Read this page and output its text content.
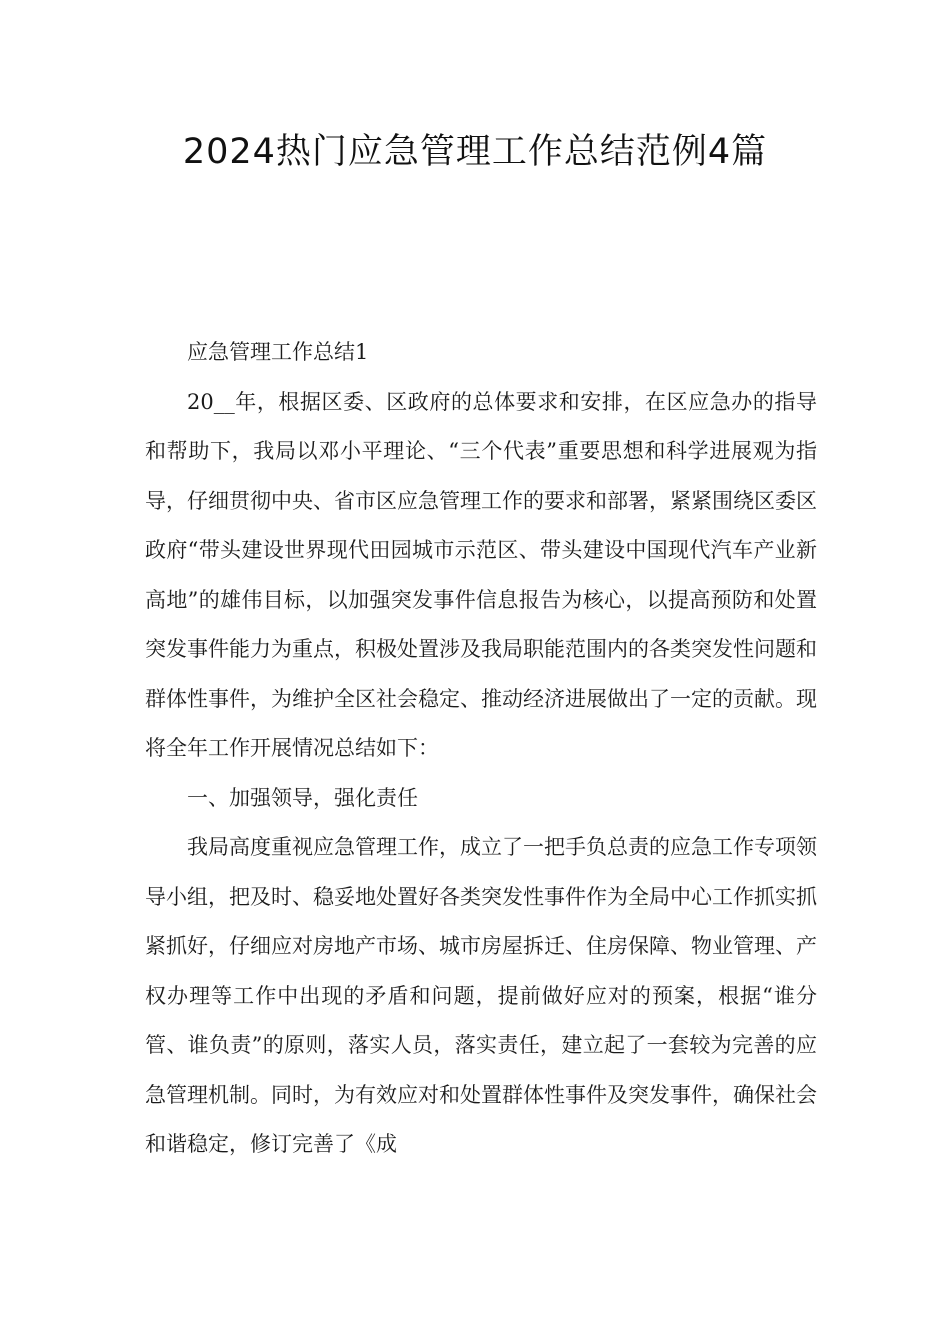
2024热门应急管理工作总结范例4篇

应急管理工作总结1

20__年，根据区委、区政府的总体要求和安排，在区应急办的指导和帮助下，我局以邓小平理论、“三个代表”重要思想和科学进展观为指导，仔细贯彻中央、省市区应急管理工作的要求和部署，紧紧围绕区委区政府“带头建设世界现代田园城市示范区、带头建设中国现代汽车产业新高地”的雄伟目标，以加强突发事件信息报告为核心，以提高预防和处置突发事件能力为重点，积极处置涉及我局职能范围内的各类突发性问题和群体性事件，为维护全区社会稳定、推动经济进展做出了一定的贡献。现将全年工作开展情况总结如下：

一、加强领导，强化责任

我局高度重视应急管理工作，成立了一把手负总责的应急工作专项领导小组，把及时、稳妥地处置好各类突发性事件作为全局中心工作抓实抓紧抓好，仔细应对房地产市场、城市房屋拆迁、住房保障、物业管理、产权办理等工作中出现的矛盾和问题，提前做好应对的预案，根据“谁分管、谁负责”的原则，落实人员，落实责任，建立起了一套较为完善的应急管理机制。同时，为有效应对和处置群体性事件及突发事件，确保社会和谐稳定，修订完善了《成
